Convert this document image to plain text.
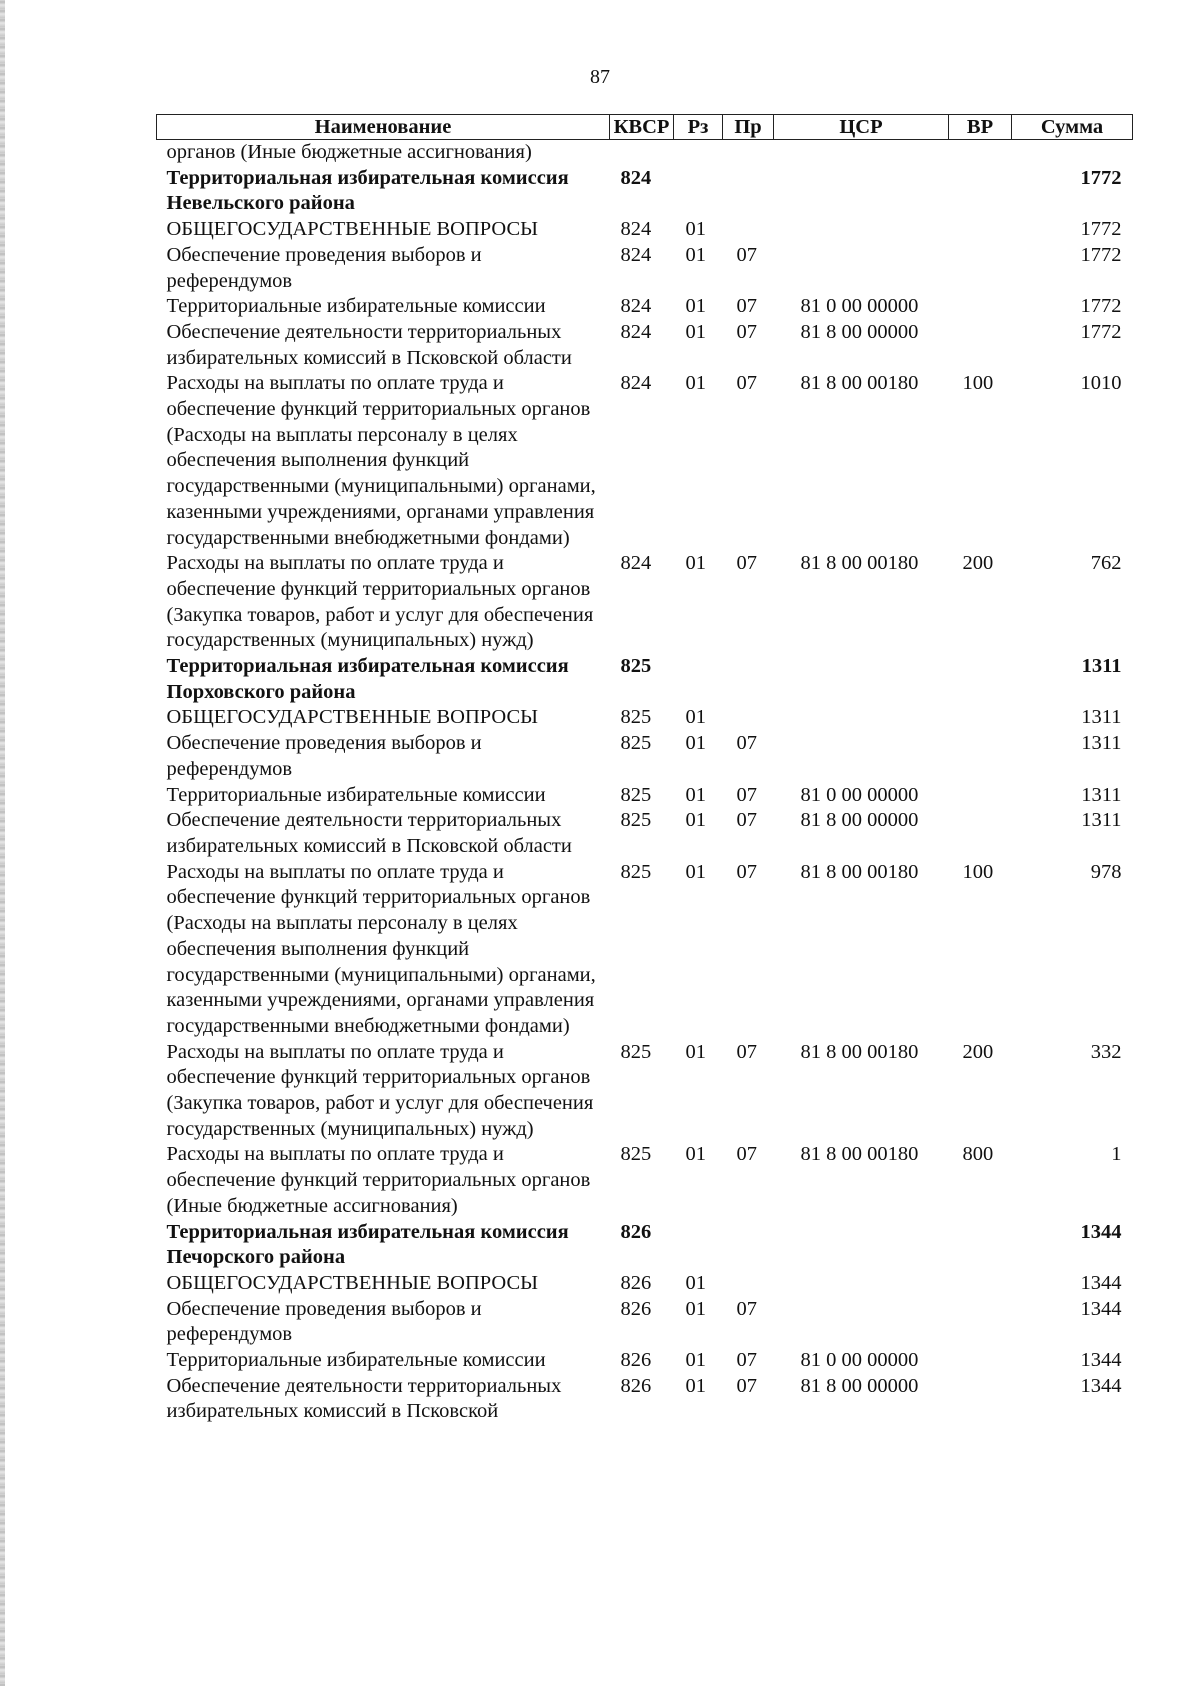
87
Наименование	КВСР	Рз	Пр	ЦСР	ВР	Сумма
органов (Иные бюджетные ассигнования)						
Территориальная избирательная комиссия Невельского района	824					1772
ОБЩЕГОСУДАРСТВЕННЫЕ ВОПРОСЫ	824	01				1772
Обеспечение проведения выборов и референдумов	824	01	07			1772
Территориальные избирательные комиссии	824	01	07	81 0 00 00000		1772
Обеспечение деятельности территориальных избирательных комиссий в Псковской области	824	01	07	81 8 00 00000		1772
Расходы на выплаты по оплате труда и обеспечение функций территориальных органов (Расходы на выплаты персоналу в целях обеспечения выполнения функций государственными (муниципальными) органами, казенными учреждениями, органами управления государственными внебюджетными фондами)	824	01	07	81 8 00 00180	100	1010
Расходы на выплаты по оплате труда и обеспечение функций территориальных органов (Закупка товаров, работ и услуг для обеспечения государственных (муниципальных) нужд)	824	01	07	81 8 00 00180	200	762
Территориальная избирательная комиссия Порховского района	825					1311
ОБЩЕГОСУДАРСТВЕННЫЕ ВОПРОСЫ	825	01				1311
Обеспечение проведения выборов и референдумов	825	01	07			1311
Территориальные избирательные комиссии	825	01	07	81 0 00 00000		1311
Обеспечение деятельности территориальных избирательных комиссий в Псковской области	825	01	07	81 8 00 00000		1311
Расходы на выплаты по оплате труда и обеспечение функций территориальных органов (Расходы на выплаты персоналу в целях обеспечения выполнения функций государственными (муниципальными) органами, казенными учреждениями, органами управления государственными внебюджетными фондами)	825	01	07	81 8 00 00180	100	978
Расходы на выплаты по оплате труда и обеспечение функций территориальных органов (Закупка товаров, работ и услуг для обеспечения государственных (муниципальных) нужд)	825	01	07	81 8 00 00180	200	332
Расходы на выплаты по оплате труда и обеспечение функций территориальных органов (Иные бюджетные ассигнования)	825	01	07	81 8 00 00180	800	1
Территориальная избирательная комиссия Печорского района	826					1344
ОБЩЕГОСУДАРСТВЕННЫЕ ВОПРОСЫ	826	01				1344
Обеспечение проведения выборов и референдумов	826	01	07			1344
Территориальные избирательные комиссии	826	01	07	81 0 00 00000		1344
Обеспечение деятельности территориальных избирательных комиссий в Псковской	826	01	07	81 8 00 00000		1344
